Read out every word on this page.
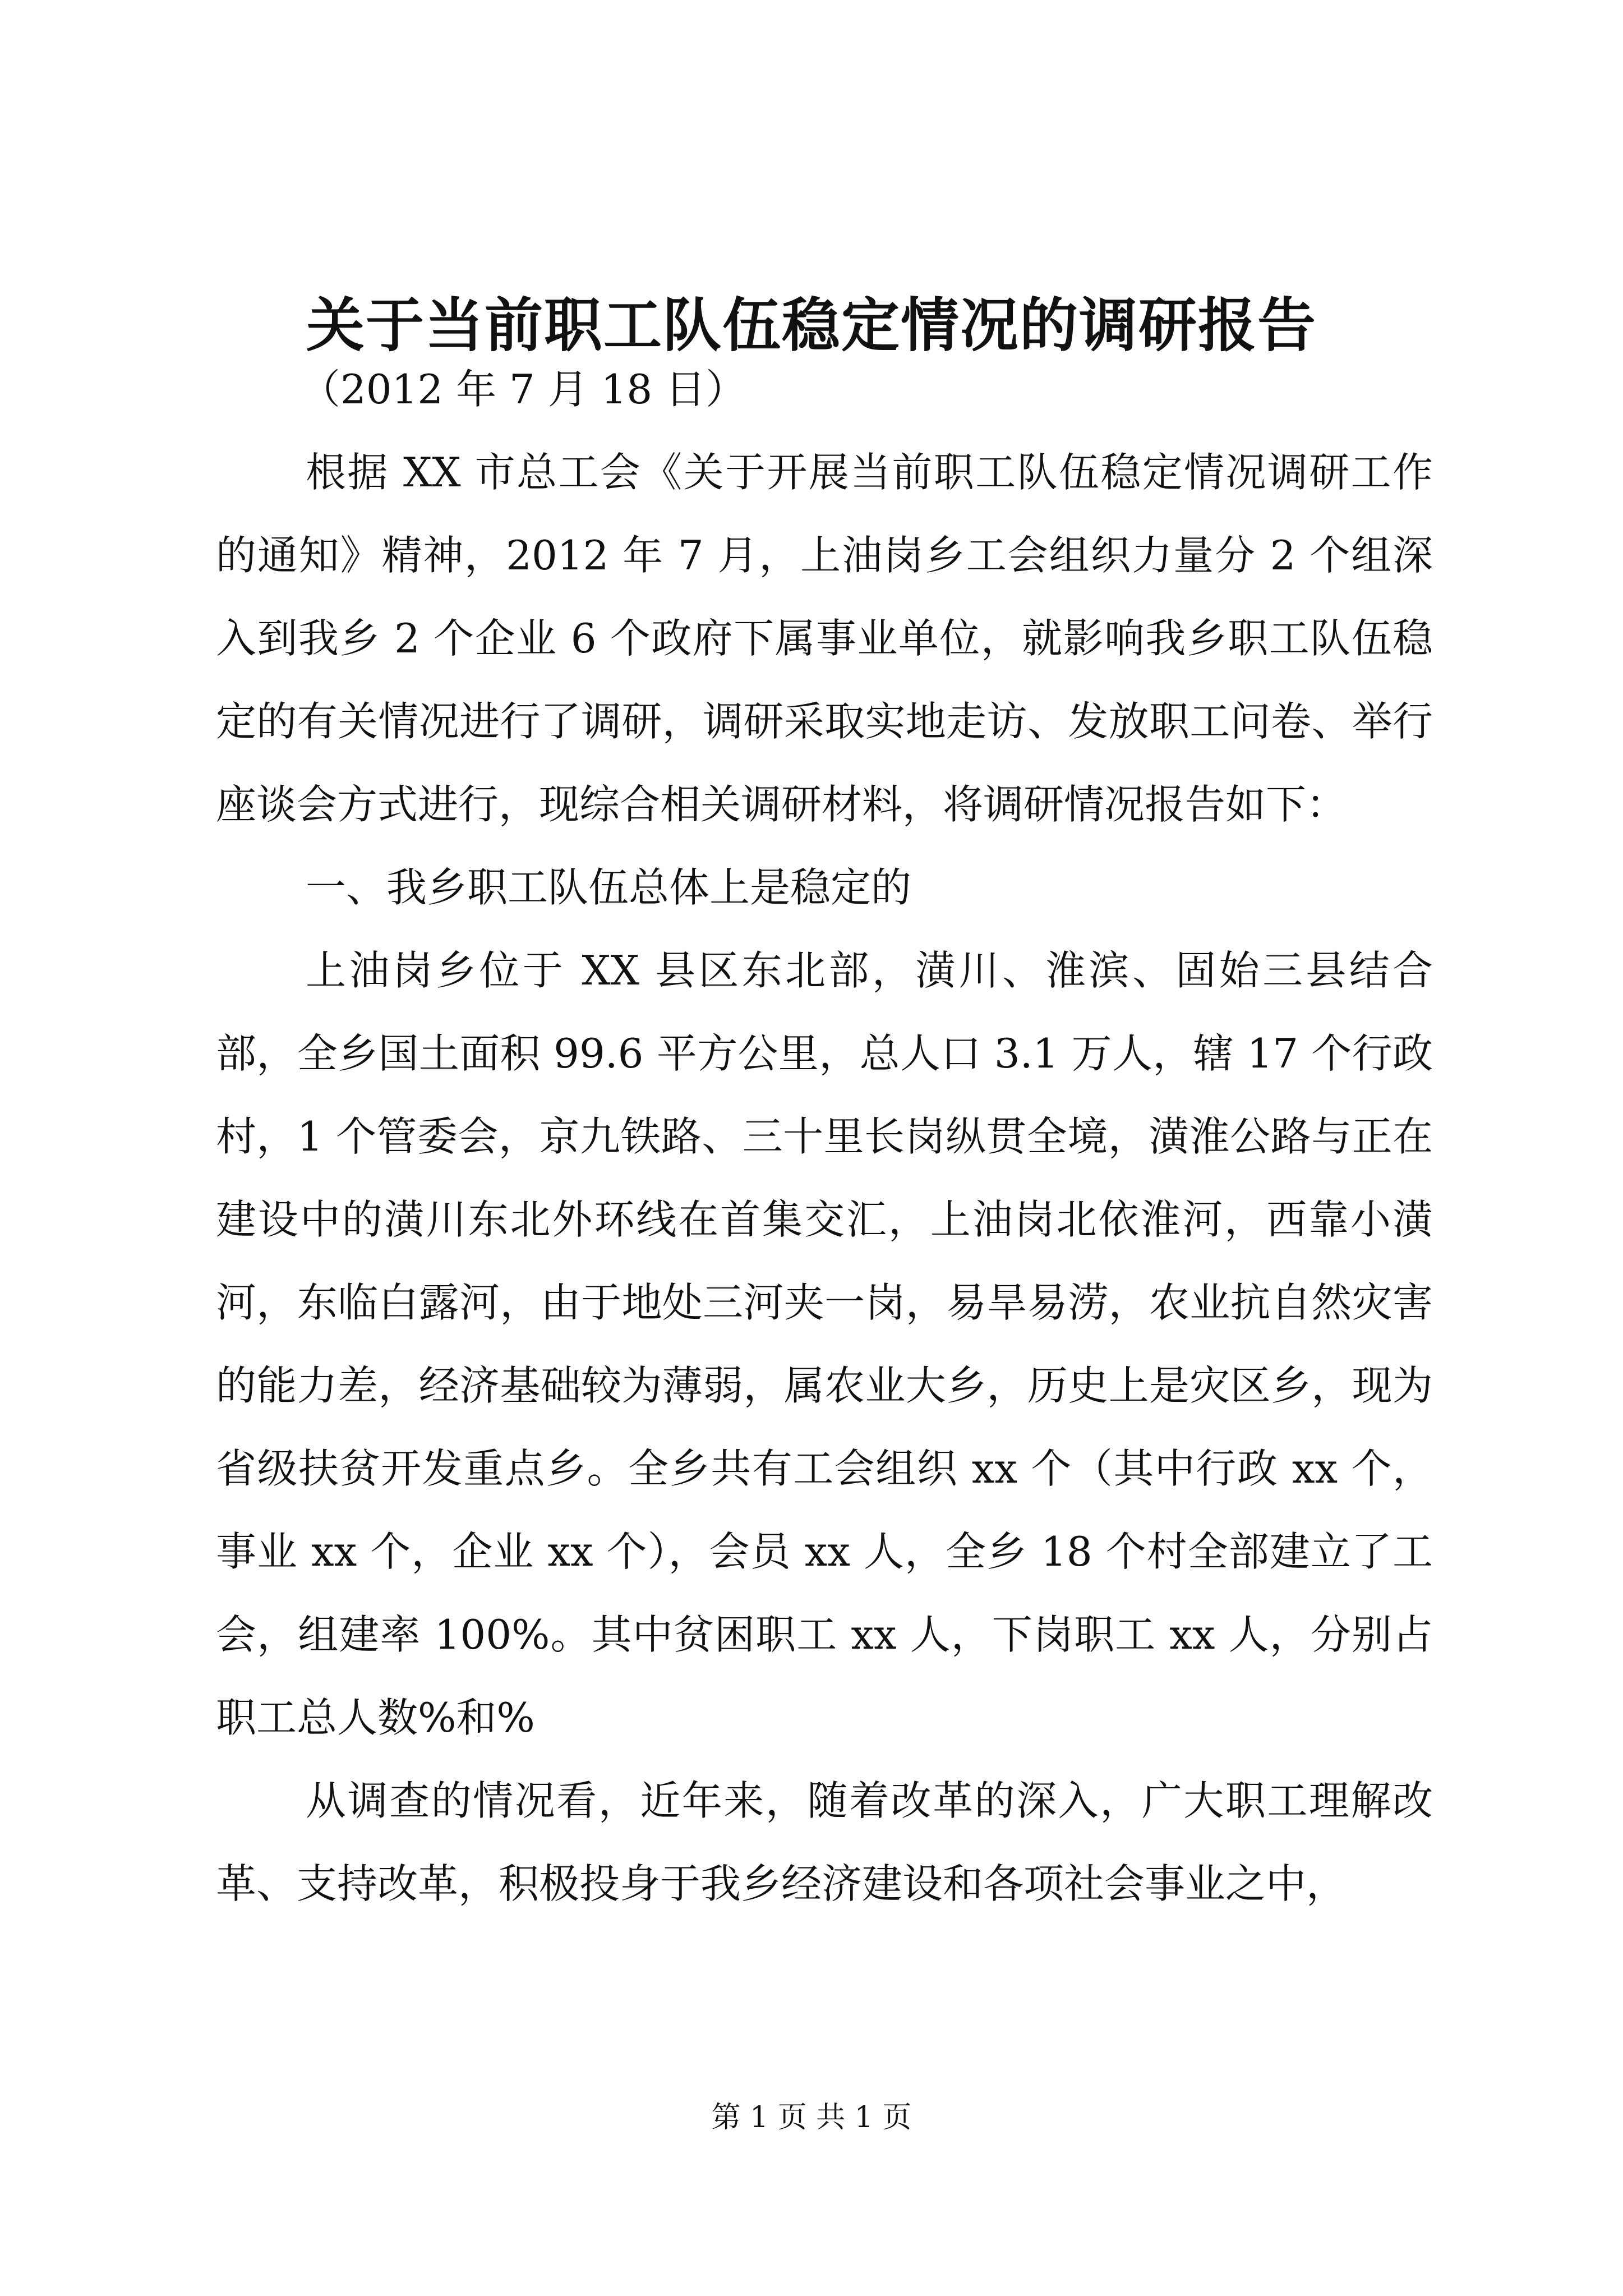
关于当前职工队伍稳定情况的调研报告

（2012 年 7 月 18 日）

根据 XX 市总工会《关于开展当前职工队伍稳定情况调研工作的通知》精神，2012 年 7 月，上油岗乡工会组织力量分 2 个组深入到我乡 2 个企业 6 个政府下属事业单位，就影响我乡职工队伍稳定的有关情况进行了调研，调研采取实地走访、发放职工问卷、举行座谈会方式进行，现综合相关调研材料，将调研情况报告如下：

一、我乡职工队伍总体上是稳定的

上油岗乡位于 XX 县区东北部，潢川、淮滨、固始三县结合部，全乡国土面积 99.6 平方公里，总人口 3.1 万人，辖 17 个行政村，1 个管委会，京九铁路、三十里长岗纵贯全境，潢淮公路与正在建设中的潢川东北外环线在首集交汇，上油岗北依淮河，西靠小潢河，东临白露河，由于地处三河夹一岗，易旱易涝，农业抗自然灾害的能力差，经济基础较为薄弱，属农业大乡，历史上是灾区乡，现为省级扶贫开发重点乡。全乡共有工会组织 xx 个（其中行政 xx 个，事业 xx 个，企业 xx 个），会员 xx 人，全乡 18 个村全部建立了工会，组建率 100%。其中贫困职工 xx 人，下岗职工 xx 人，分别占职工总人数%和%

从调查的情况看，近年来，随着改革的深入，广大职工理解改革、支持改革，积极投身于我乡经济建设和各项社会事业之中，

第 1 页 共 1 页
